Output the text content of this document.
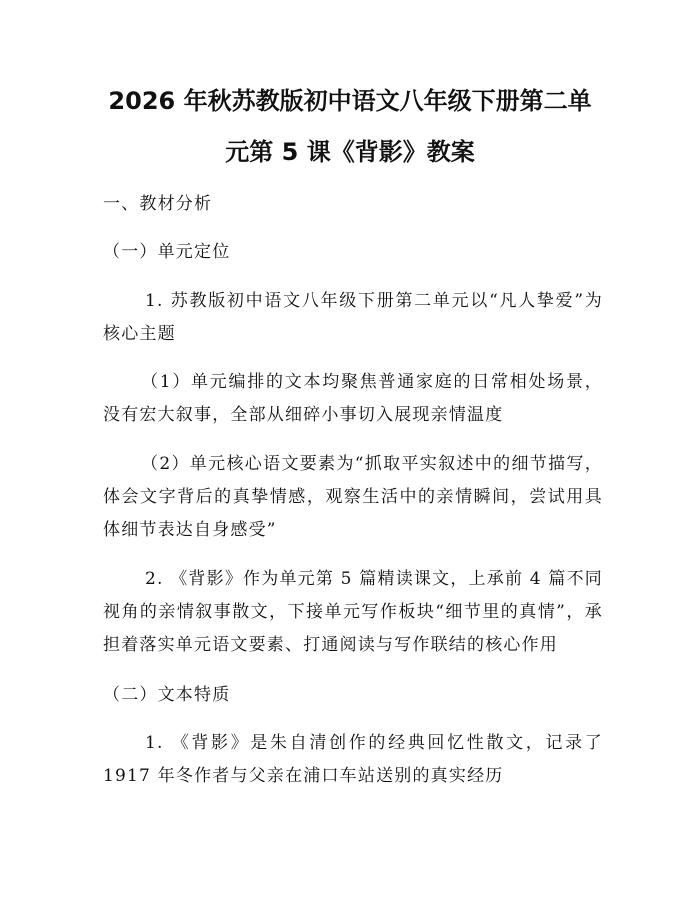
2026 年秋苏教版初中语文八年级下册第二单
元第 5 课《背影》教案
一、教材分析
（一）单元定位
1. 苏教版初中语文八年级下册第二单元以“凡人挚爱”为核心主题
（1）单元编排的文本均聚焦普通家庭的日常相处场景，没有宏大叙事，全部从细碎小事切入展现亲情温度
（2）单元核心语文要素为“抓取平实叙述中的细节描写，体会文字背后的真挚情感，观察生活中的亲情瞬间，尝试用具体细节表达自身感受”
2. 《背影》作为单元第 5 篇精读课文，上承前 4 篇不同视角的亲情叙事散文，下接单元写作板块“细节里的真情”，承担着落实单元语文要素、打通阅读与写作联结的核心作用
（二）文本特质
1. 《背影》是朱自清创作的经典回忆性散文，记录了 1917 年冬作者与父亲在浦口车站送别的真实经历
